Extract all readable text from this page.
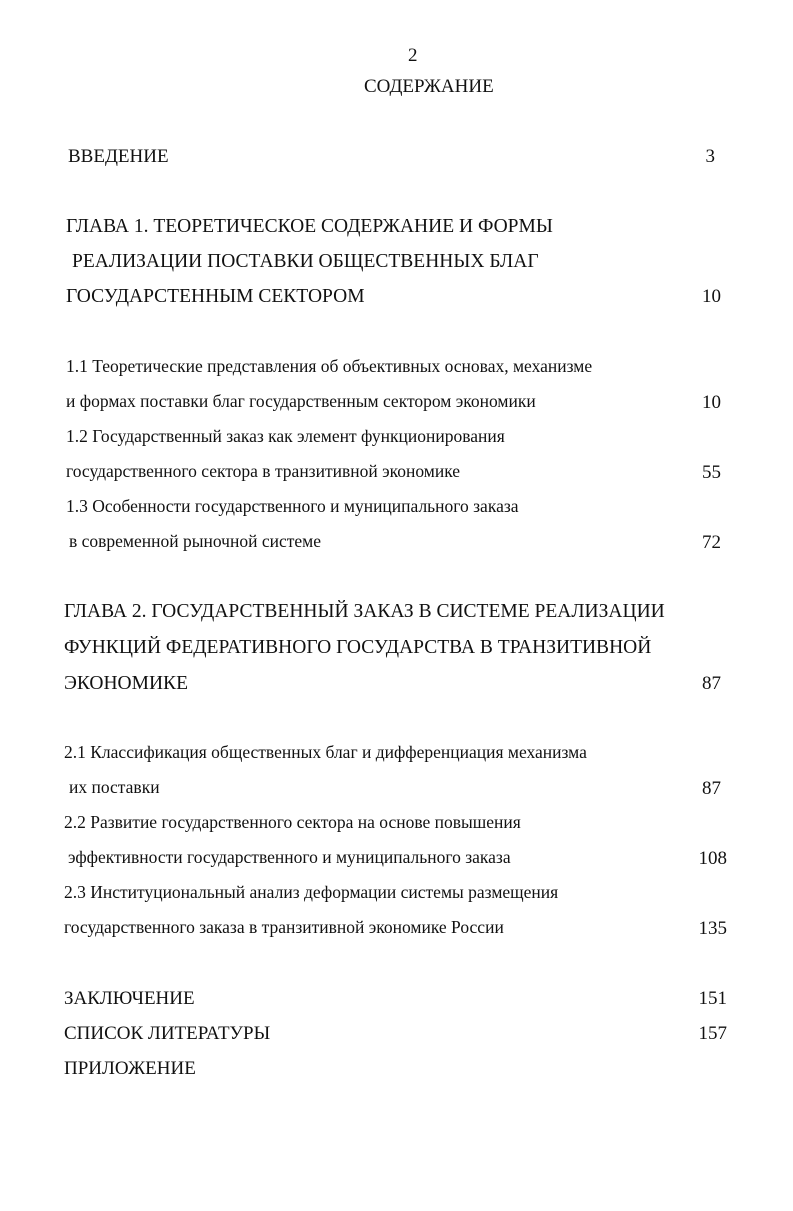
2
СОДЕРЖАНИЕ
ВВЕДЕНИЕ	3
ГЛАВА 1. ТЕОРЕТИЧЕСКОЕ СОДЕРЖАНИЕ И ФОРМЫ
РЕАЛИЗАЦИИ ПОСТАВКИ ОБЩЕСТВЕННЫХ БЛАГ
ГОСУДАРСТЕННЫМ СЕКТОРОМ	10
1.1 Теоретические представления об объективных основах, механизме
и формах поставки благ государственным сектором экономики	10
1.2 Государственный заказ как элемент функционирования
государственного сектора в транзитивной экономике	55
1.3 Особенности государственного и муниципального заказа
в современной рыночной системе	72
ГЛАВА 2. ГОСУДАРСТВЕННЫЙ ЗАКАЗ В СИСТЕМЕ РЕАЛИЗАЦИИ
ФУНКЦИЙ ФЕДЕРАТИВНОГО ГОСУДАРСТВА В ТРАНЗИТИВНОЙ
ЭКОНОМИКЕ	87
2.1 Классификация общественных благ и дифференциация механизма
их поставки	87
2.2 Развитие государственного сектора на основе повышения
эффективности государственного и муниципального заказа	108
2.3 Институциональный анализ деформации системы размещения
государственного заказа в транзитивной экономике России	135
ЗАКЛЮЧЕНИЕ	151
СПИСОК ЛИТЕРАТУРЫ	157
ПРИЛОЖЕНИЕ
